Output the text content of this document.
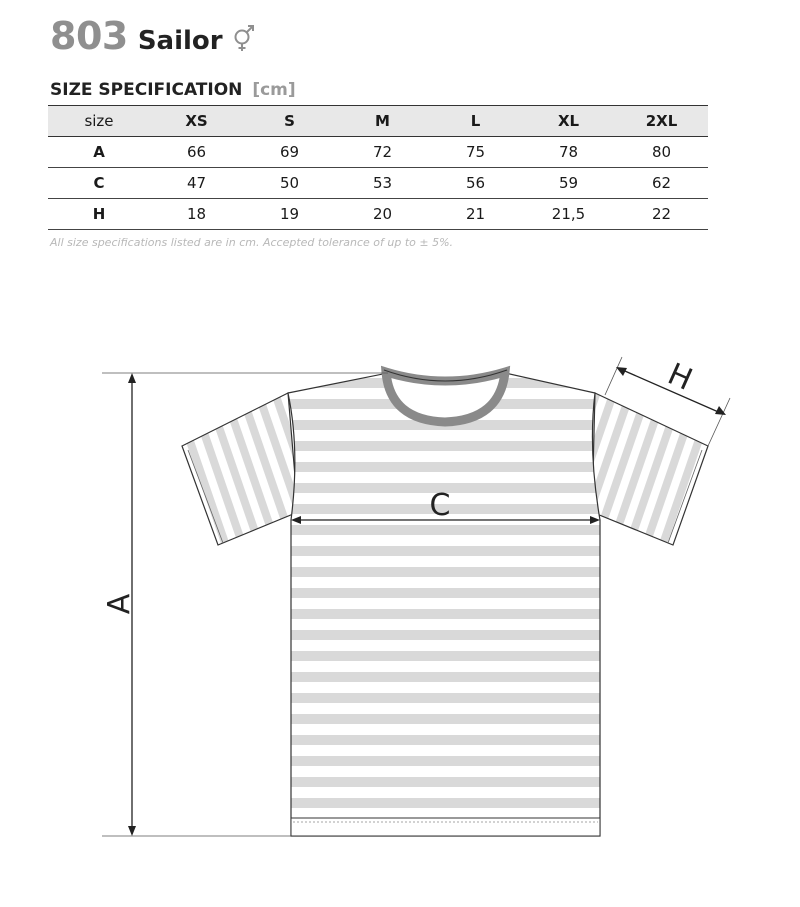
803 Sailor
SIZE SPECIFICATION [cm]
size	XS	S	M	L	XL	2XL
A	66	69	72	75	78	80
C	47	50	53	56	59	62
H	18	19	20	21	21,5	22
All size specifications listed are in cm. Accepted tolerance of up to ± 5%.
A
C
H
